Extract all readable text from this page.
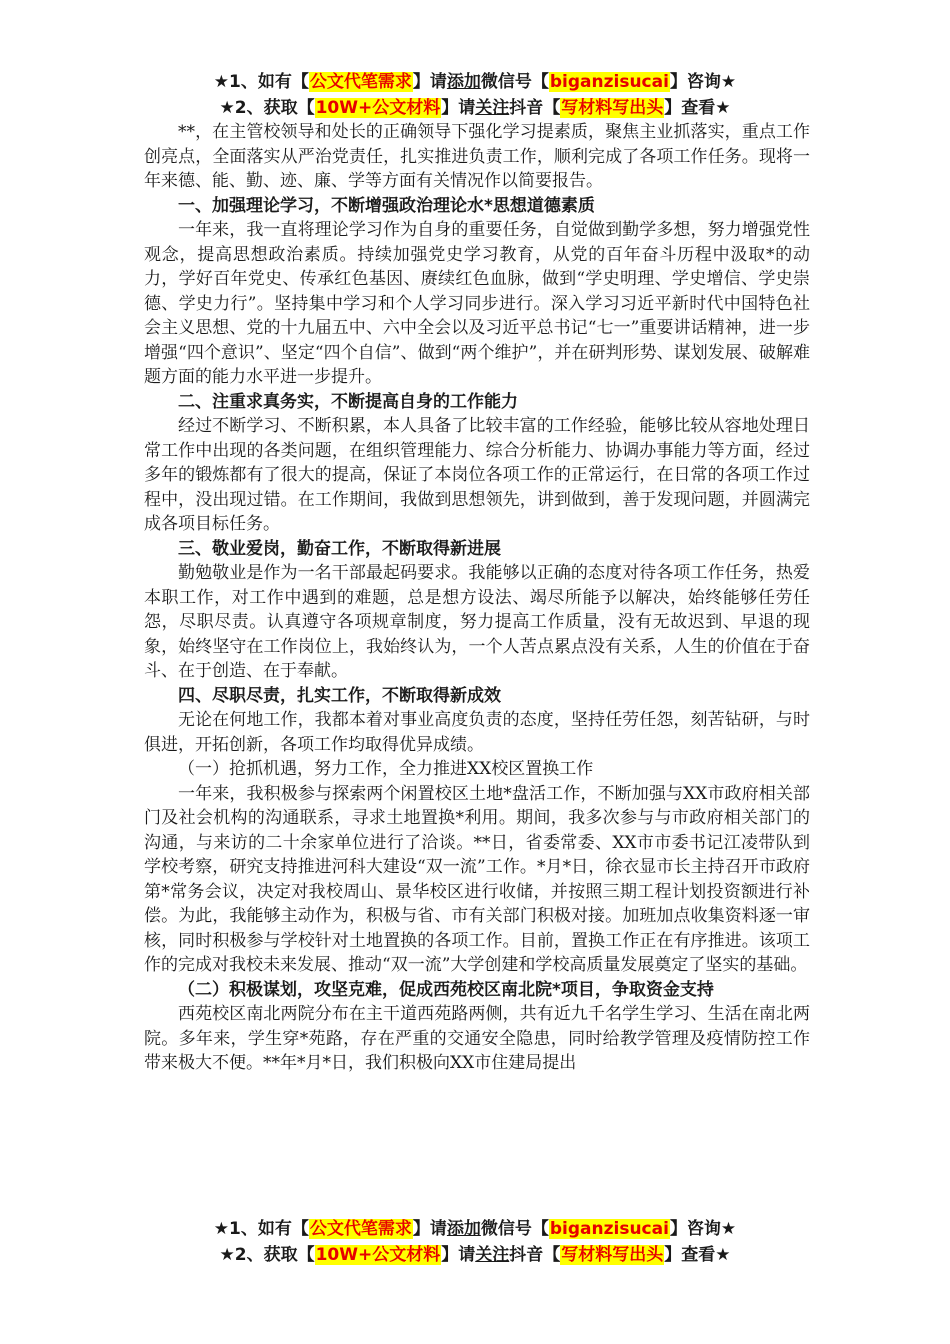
★1、如有【公文代笔需求】请添加微信号【biganzisucai】咨询★
★2、获取【10W+公文材料】请关注抖音【写材料写出头】查看★

**，在主管校领导和处长的正确领导下强化学习提素质，聚焦主业抓落实，重点工作创亮点，全面落实从严治党责任，扎实推进负责工作，顺利完成了各项工作任务。现将一年来德、能、勤、迹、廉、学等方面有关情况作以简要报告。

一、加强理论学习，不断增强政治理论水*思想道德素质

一年来，我一直将理论学习作为自身的重要任务，自觉做到勤学多想，努力增强党性观念，提高思想政治素质。持续加强党史学习教育，从党的百年奋斗历程中汲取*的动力，学好百年党史、传承红色基因、赓续红色血脉，做到“学史明理、学史增信、学史崇德、学史力行”。坚持集中学习和个人学习同步进行。深入学习习近平新时代中国特色社会主义思想、党的十九届五中、六中全会以及习近平总书记“七一”重要讲话精神，进一步增强“四个意识”、坚定“四个自信”、做到“两个维护”，并在研判形势、谋划发展、破解难题方面的能力水平进一步提升。

二、注重求真务实，不断提高自身的工作能力

经过不断学习、不断积累，本人具备了比较丰富的工作经验，能够比较从容地处理日常工作中出现的各类问题，在组织管理能力、综合分析能力、协调办事能力等方面，经过多年的锻炼都有了很大的提高，保证了本岗位各项工作的正常运行，在日常的各项工作过程中，没出现过错。在工作期间，我做到思想领先，讲到做到，善于发现问题，并圆满完成各项目标任务。

三、敬业爱岗，勤奋工作，不断取得新进展

勤勉敬业是作为一名干部最起码要求。我能够以正确的态度对待各项工作任务，热爱本职工作，对工作中遇到的难题，总是想方设法、竭尽所能予以解决，始终能够任劳任怨，尽职尽责。认真遵守各项规章制度，努力提高工作质量，没有无故迟到、早退的现象，始终坚守在工作岗位上，我始终认为，一个人苦点累点没有关系，人生的价值在于奋斗、在于创造、在于奉献。

四、尽职尽责，扎实工作，不断取得新成效

无论在何地工作，我都本着对事业高度负责的态度，坚持任劳任怨，刻苦钻研，与时俱进，开拓创新，各项工作均取得优异成绩。

（一）抢抓机遇，努力工作，全力推进XX校区置换工作

一年来，我积极参与探索两个闲置校区土地*盘活工作，不断加强与XX市政府相关部门及社会机构的沟通联系，寻求土地置换*利用。期间，我多次参与与市政府相关部门的沟通，与来访的二十余家单位进行了洽谈。**日，省委常委、XX市市委书记江凌带队到学校考察，研究支持推进河科大建设“双一流”工作。*月*日，徐衣显市长主持召开市政府第*常务会议，决定对我校周山、景华校区进行收储，并按照三期工程计划投资额进行补偿。为此，我能够主动作为，积极与省、市有关部门积极对接。加班加点收集资料逐一审核，同时积极参与学校针对土地置换的各项工作。目前，置换工作正在有序推进。该项工作的完成对我校未来发展、推动“双一流”大学创建和学校高质量发展奠定了坚实的基础。

（二）积极谋划，攻坚克难，促成西苑校区南北院*项目，争取资金支持

西苑校区南北两院分布在主干道西苑路两侧，共有近九千名学生学习、生活在南北两院。多年来，学生穿*苑路，存在严重的交通安全隐患，同时给教学管理及疫情防控工作带来极大不便。**年*月*日，我们积极向XX市住建局提出

★1、如有【公文代笔需求】请添加微信号【biganzisucai】咨询★
★2、获取【10W+公文材料】请关注抖音【写材料写出头】查看★
